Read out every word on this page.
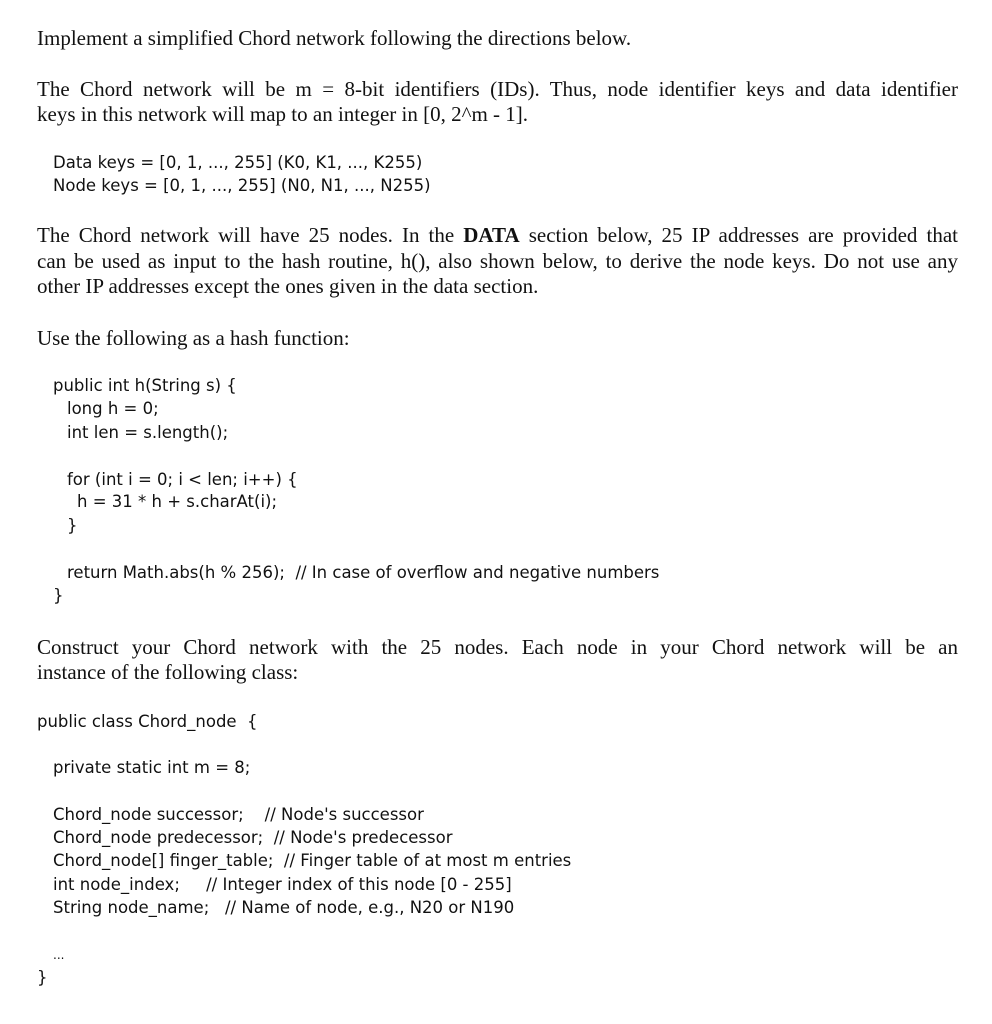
Implement a simplified Chord network following the directions below.
The Chord network will be m = 8-bit identifiers (IDs). Thus, node identifier keys and data identifier
keys in this network will map to an integer in [0, 2^m - 1].
Data keys = [0, 1, ..., 255] (K0, K1, ..., K255)
Node keys = [0, 1, ..., 255] (N0, N1, ..., N255)
The Chord network will have 25 nodes. In the DATA section below, 25 IP addresses are provided that
can be used as input to the hash routine, h(), also shown below, to derive the node keys. Do not use any
other IP addresses except the ones given in the data section.
Use the following as a hash function:
public int h(String s) {
long h = 0;
int len = s.length();
for (int i = 0; i < len; i++) {
h = 31 * h + s.charAt(i);
}
return Math.abs(h % 256);  // In case of overflow and negative numbers
}
Construct your Chord network with the 25 nodes. Each node in your Chord network will be an
instance of the following class:
public class Chord_node  {
private static int m = 8;
Chord_node successor;    // Node's successor
Chord_node predecessor;  // Node's predecessor
Chord_node[] finger_table;  // Finger table of at most m entries
int node_index;     // Integer index of this node [0 - 255]
String node_name;   // Name of node, e.g., N20 or N190
...
}
